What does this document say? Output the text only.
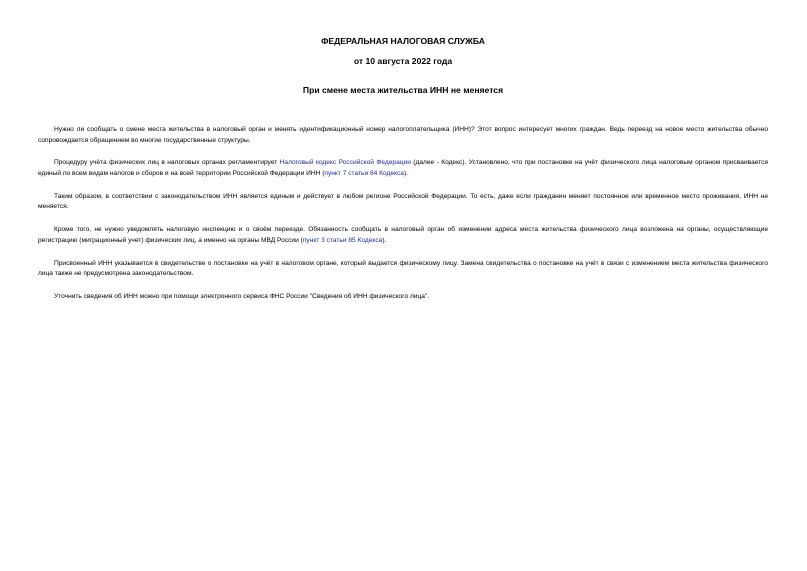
ФЕДЕРАЛЬНАЯ НАЛОГОВАЯ СЛУЖБА
от 10 августа 2022 года
При смене места жительства ИНН не меняется

Нужно ли сообщать о смене места жительства в налоговый орган и менять идентификационный номер налогоплательщика (ИНН)? Этот вопрос интересует многих граждан. Ведь переезд на новое место жительства обычно сопровождается обращением во многие государственные структуры.

Процедуру учёта физических лиц в налоговых органах регламентирует Налоговый кодекс Российской Федерации (далее - Кодекс). Установлено, что при постановке на учёт физического лица налоговым органом присваивается единый по всем видам налогов и сборов и на всей территории Российской Федерации ИНН (пункт 7 статьи 84 Кодекса).

Таким образом, в соответствии с законодательством ИНН является единым и действует в любом регионе Российской Федерации. То есть, даже если гражданин меняет постоянное или временное место проживания, ИНН не меняется.

Кроме того, не нужно уведомлять налоговую инспекцию и о своём переезде. Обязанность сообщать в налоговый орган об изменении адреса места жительства физического лица возложена на органы, осуществляющие регистрацию (миграционный учет) физических лиц, а именно на органы МВД России (пункт 3 статьи 85 Кодекса).

Присвоенный ИНН указывается в свидетельстве о постановке на учёт в налоговом органе, который выдается физическому лицу. Замена свидетельства о постановке на учёт в связи с изменением места жительства физического лица также не предусмотрена законодательством.

Уточнить сведения об ИНН можно при помощи электронного сервиса ФНС России "Сведения об ИНН физического лица".
